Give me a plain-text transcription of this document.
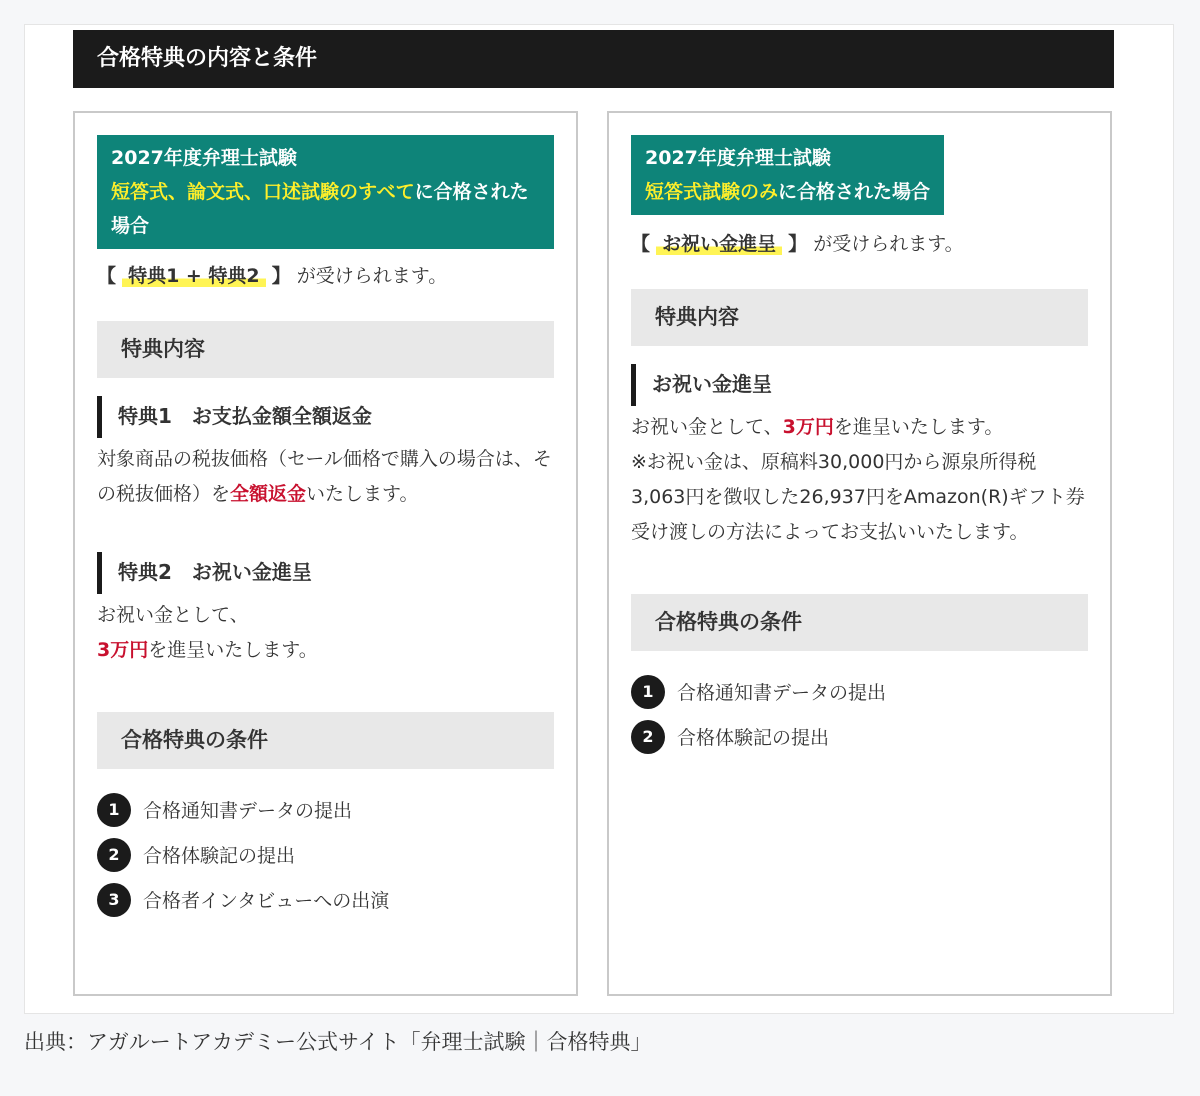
合格特典の内容と条件
2027年度弁理士試験
短答式、論文式、口述試験のすべてに合格された場合
【 特典1 + 特典2 】 が受けられます。
特典内容
特典1　お支払金額全額返金
対象商品の税抜価格（セール価格で購入の場合は、その税抜価格）を全額返金いたします。
特典2　お祝い金進呈
お祝い金として、
3万円を進呈いたします。
合格特典の条件
1	合格通知書データの提出
2	合格体験記の提出
3	合格者インタビューへの出演
2027年度弁理士試験
短答式試験のみに合格された場合
【 お祝い金進呈 】 が受けられます。
特典内容
お祝い金進呈
お祝い金として、3万円を進呈いたします。
※お祝い金は、原稿料30,000円から源泉所得税3,063円を徴収した26,937円をAmazon(R)ギフト券受け渡しの方法によってお支払いいたします。
合格特典の条件
1	合格通知書データの提出
2	合格体験記の提出
出典：アガルートアカデミー公式サイト「弁理士試験｜合格特典」
